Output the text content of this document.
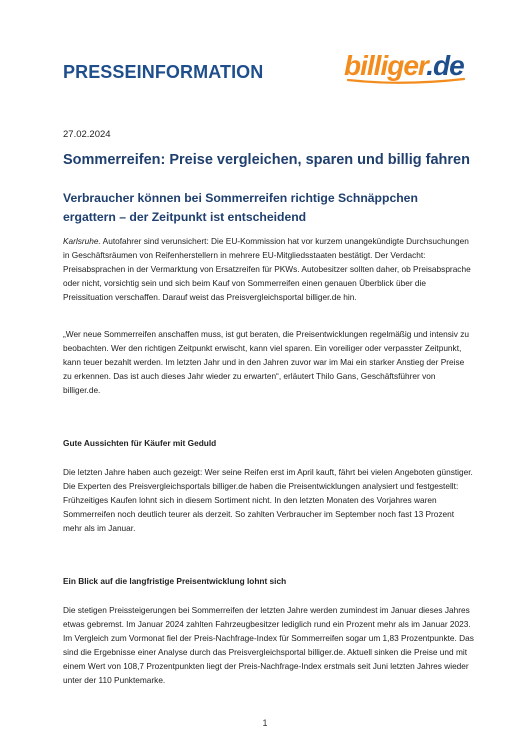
PRESSEINFORMATION	billiger.de
27.02.2024
Sommerreifen: Preise vergleichen, sparen und billig fahren
Verbraucher können bei Sommerreifen richtige Schnäppchen ergattern – der Zeitpunkt ist entscheidend
Karlsruhe. Autofahrer sind verunsichert: Die EU-Kommission hat vor kurzem unangekündigte Durchsuchungen in Geschäftsräumen von Reifenherstellern in mehrere EU-Mitgliedsstaaten bestätigt. Der Verdacht: Preisabsprachen in der Vermarktung von Ersatzreifen für PKWs. Autobesitzer sollten daher, ob Preisabsprache oder nicht, vorsichtig sein und sich beim Kauf von Sommerreifen einen genauen Überblick über die Preissituation verschaffen. Darauf weist das Preisvergleichsportal billiger.de hin.
„Wer neue Sommerreifen anschaffen muss, ist gut beraten, die Preisentwicklungen regelmäßig und intensiv zu beobachten. Wer den richtigen Zeitpunkt erwischt, kann viel sparen. Ein voreiliger oder verpasster Zeitpunkt, kann teuer bezahlt werden. Im letzten Jahr und in den Jahren zuvor war im Mai ein starker Anstieg der Preise zu erkennen. Das ist auch dieses Jahr wieder zu erwarten“, erläutert Thilo Gans, Geschäftsführer von billiger.de.
Gute Aussichten für Käufer mit Geduld
Die letzten Jahre haben auch gezeigt: Wer seine Reifen erst im April kauft, fährt bei vielen Angeboten günstiger. Die Experten des Preisvergleichsportals billiger.de haben die Preisentwicklungen analysiert und festgestellt: Frühzeitiges Kaufen lohnt sich in diesem Sortiment nicht. In den letzten Monaten des Vorjahres waren Sommerreifen noch deutlich teurer als derzeit. So zahlten Verbraucher im September noch fast 13 Prozent mehr als im Januar.
Ein Blick auf die langfristige Preisentwicklung lohnt sich
Die stetigen Preissteigerungen bei Sommerreifen der letzten Jahre werden zumindest im Januar dieses Jahres etwas gebremst. Im Januar 2024 zahlten Fahrzeugbesitzer lediglich rund ein Prozent mehr als im Januar 2023. Im Vergleich zum Vormonat fiel der Preis-Nachfrage-Index für Sommerreifen sogar um 1,83 Prozentpunkte. Das sind die Ergebnisse einer Analyse durch das Preisvergleichsportal billiger.de. Aktuell sinken die Preise und mit einem Wert von 108,7 Prozentpunkten liegt der Preis-Nachfrage-Index erstmals seit Juni letzten Jahres wieder unter der 110 Punktemarke.
1
